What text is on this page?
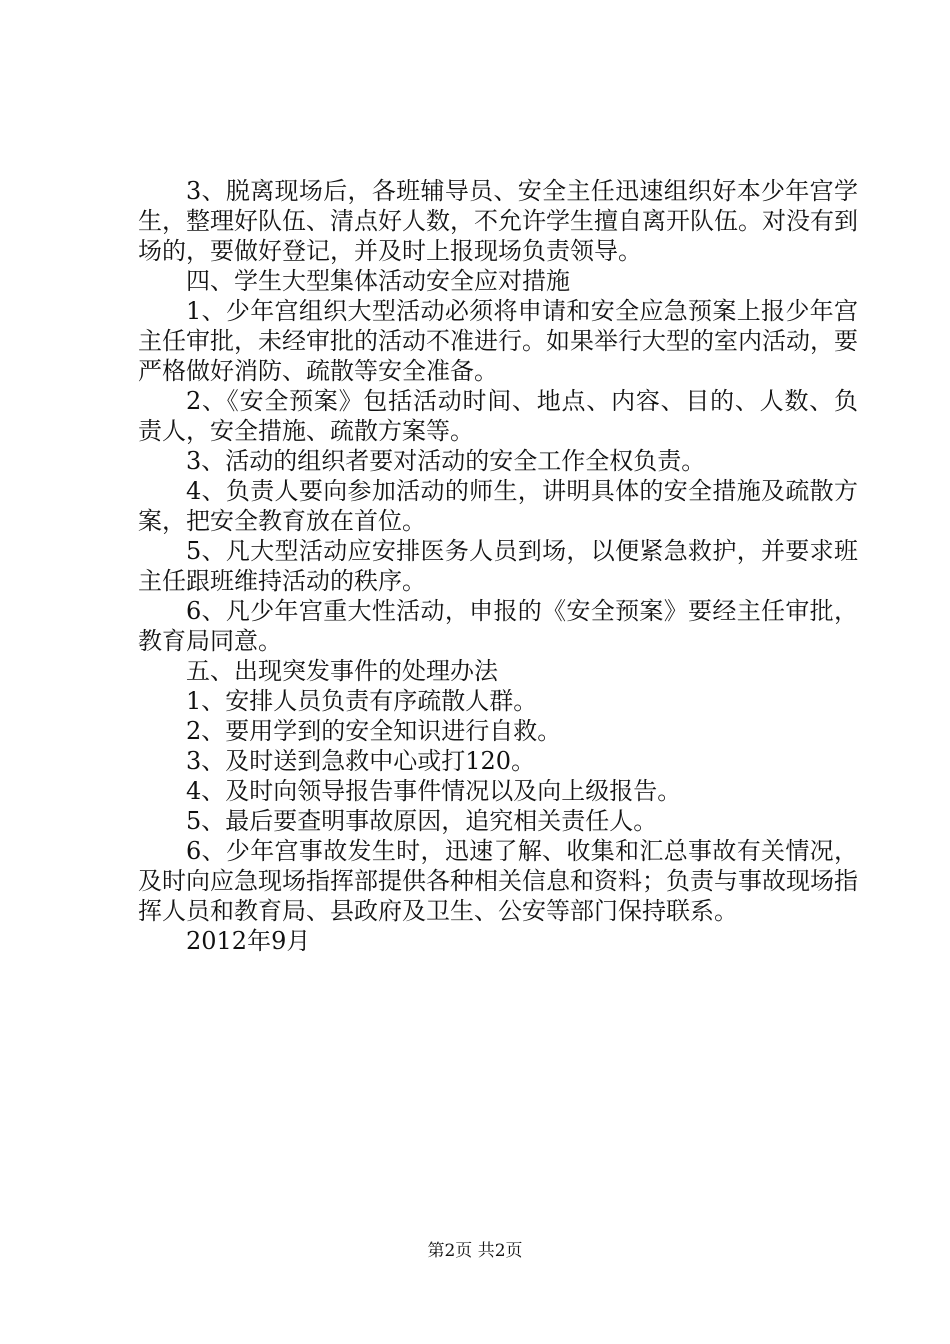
3、脱离现场后，各班辅导员、安全主任迅速组织好本少年宫学生，整理好队伍、清点好人数，不允许学生擅自离开队伍。对没有到场的，要做好登记，并及时上报现场负责领导。

四、学生大型集体活动安全应对措施

1、少年宫组织大型活动必须将申请和安全应急预案上报少年宫主任审批，未经审批的活动不准进行。如果举行大型的室内活动，要严格做好消防、疏散等安全准备。

2、《安全预案》包括活动时间、地点、内容、目的、人数、负责人，安全措施、疏散方案等。

3、活动的组织者要对活动的安全工作全权负责。

4、负责人要向参加活动的师生，讲明具体的安全措施及疏散方案，把安全教育放在首位。

5、凡大型活动应安排医务人员到场，以便紧急救护，并要求班主任跟班维持活动的秩序。

6、凡少年宫重大性活动，申报的《安全预案》要经主任审批，教育局同意。

五、出现突发事件的处理办法

1、安排人员负责有序疏散人群。

2、要用学到的安全知识进行自救。

3、及时送到急救中心或打120。

4、及时向领导报告事件情况以及向上级报告。

5、最后要查明事故原因，追究相关责任人。

6、少年宫事故发生时，迅速了解、收集和汇总事故有关情况，及时向应急现场指挥部提供各种相关信息和资料；负责与事故现场指挥人员和教育局、县政府及卫生、公安等部门保持联系。

2012年9月

第2页 共2页
